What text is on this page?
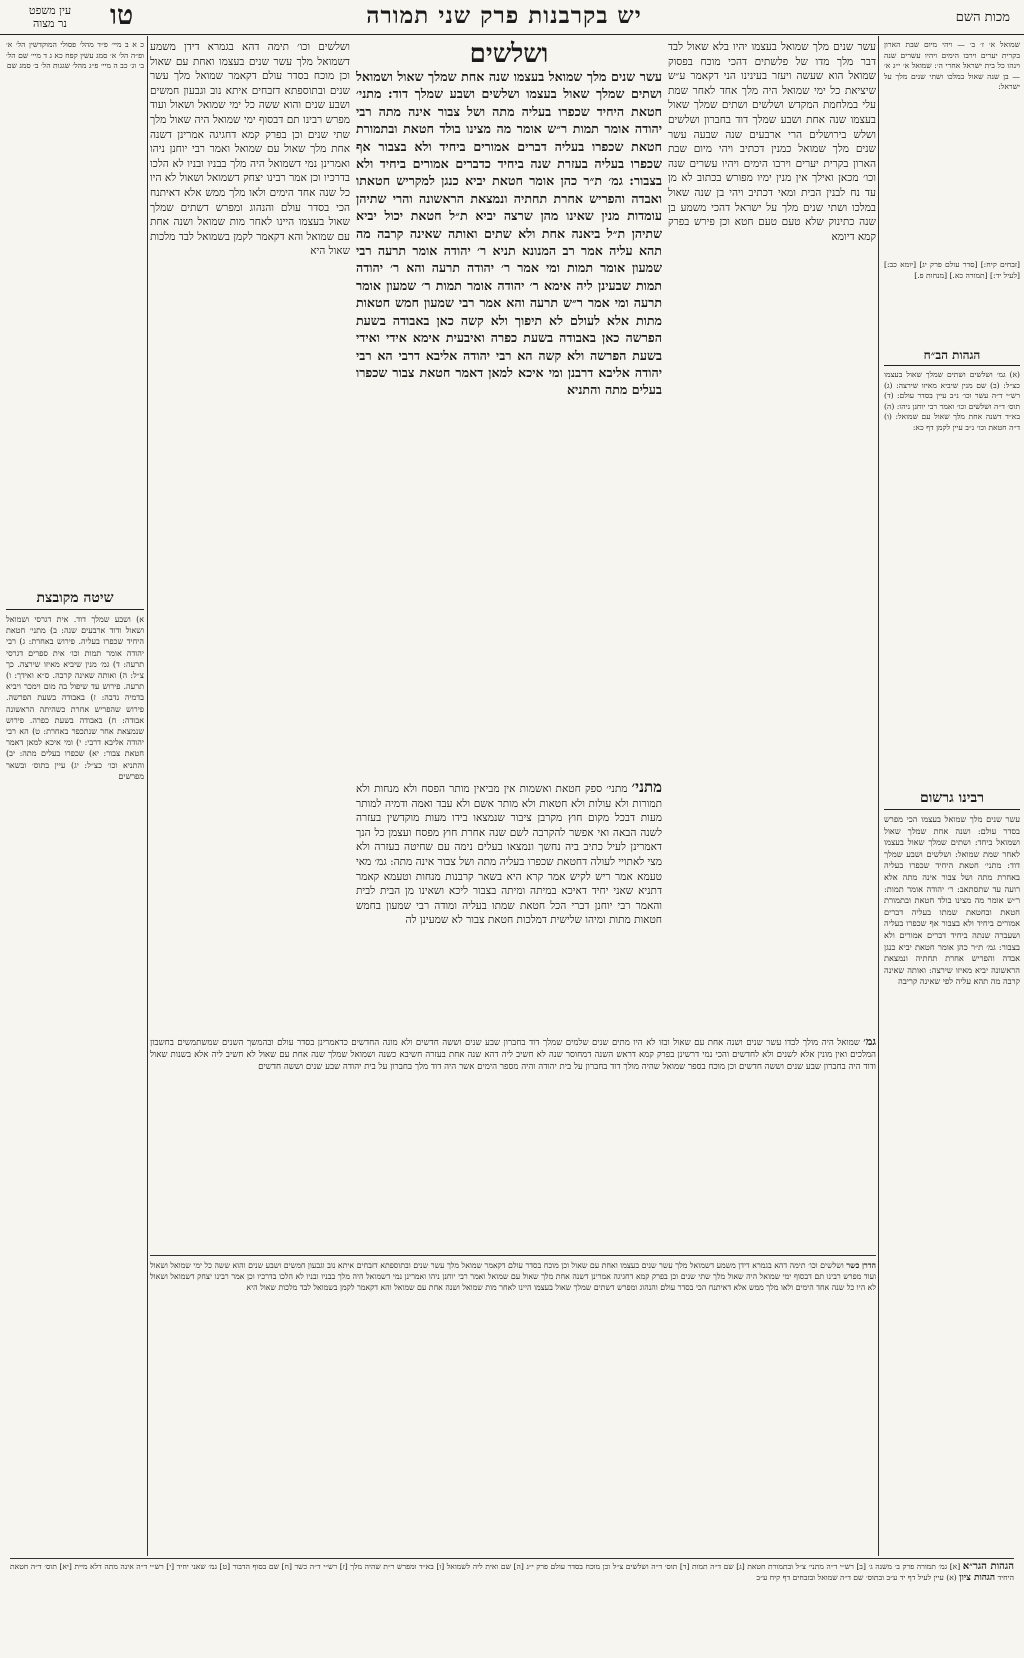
מכות השם
יש בקרבנות פרק שני תמורה
טו
עין משפט
נר מצוה
שמואל א׳ ז׳ ב׳ — ויהי מיום שבת הארון בקרית יערים וירבו הימים ויהיו עשרים שנה וינהו כל בית ישראל אחרי ה׳: שמואל א׳ י״ג א׳ — בן שנה שאול במלכו ושתי שנים מלך על ישראל:
[זבחים קיח:] [סדר עולם פרק יג] [יומא כב:] [לעיל יד:] [תמורה כא.] [מנחות פ.]
הגהות הב״ח
(א) גמ׳ ושלשים ושתים שמלך שאול בעצמו כצ״ל: (ב) שם מנין שיביא מאיזו שירצה: (ג) רש״י ד״ה עשר וכו׳ נ״ב עיין בסדר עולם: (ד) תוס׳ ד״ה ושלשים וכו׳ ואמר רבי יוחנן ניהו: (ה) בא״ד דשנה אחת מלך שאול עם שמואל: (ו) ד״ה חטאת וכו׳ נ״ב עיין לקמן דף כא:
רבינו גרשום
עשר שנים מלך שמואל בעצמו הכי מפרש בסדר עולם: ושנה אחת שמלך שאול ושמואל ביחד: ושתים שמלך שאול בעצמו לאחר שמת שמואל: ושלשים ושבע שמלך דוד: מתני׳ חטאת היחיד שכפרו בעליה באחרת מתה ושל צבור אינה מתה אלא רועה עד שתסתאב: ר׳ יהודה אומר תמות: ר״ש אומר מה מצינו בולד חטאת ובתמורת חטאת ובחטאת שמתו בעליה דברים אמורים ביחיד ולא בצבור אף שכפרו בעליה ושעברה שנתה ביחיד דברים אמורים ולא בצבור: גמ׳ ת״ר כהן אומר חטאת יביא כנגן אבדה והפריש אחרת תחתיה ונמצאת הראשונה יביא מאיזו שירצה: ואותה שאינה קרבה מה תהא עליה לפי שאינה קריבה
כ א ב מיי׳ פ״ד מהל׳ פסולי המוקדשין הל׳ א׳ ופ״ה הל׳ א׳ סמג עשין קפח כא ג ד מיי׳ שם הל׳ ב׳ וג׳ כב ה מיי׳ פ״ג מהל׳ שגגות הל׳ ב׳ סמג שם
שיטה מקובצת
א) ושבע שמלך דוד. אית דגרסי ושמואל ושאול ודוד ארבעים שנה: ב) מתני׳ חטאת היחיד שכפרו בעליה. פירוש באחרת: ג) רבי יהודה אומר תמות וכו׳ אית ספרים דגרסי תרעה: ד) גמ׳ מנין שיביא מאיזו שירצה. כך צ״ל: ה) ואותה שאינה קרבה. ס״א ואידך: ו) תרעה. פירוש עד שיפול בה מום וימכר ויביא בדמיה נדבה: ז) באבודה בשעת הפרשה. פירוש שהפריש אחרת כשהיתה הראשונה אבודה: ח) באבודה בשעת כפרה. פירוש שנמצאת אחר שנתכפר באחרת: ט) הא רבי יהודה אליבא דרבי: י) ומי איכא למאן דאמר חטאת צבור: יא) שכפרו בעלים מתה: יב) והתניא וכו׳ כצ״ל: יג) עיין בתוס׳ ובשאר מפרשים
עשר שנים מלך שמואל בעצמו יהיו בלא שאול לבד דבר מלך מדו של פלשתים דהכי מוכח בפסוק שמואל הוא שעשה ויעזר בעינינו הני דקאמר ע״ש שיציאת כל ימי שמואל היה מלך אחד לאחר שמת עלי במלחמת המקדש ושלשים ושתים שמלך שאול בעצמו שנה אחת ושבע שמלך דוד בחברון ושלשים ושלש בירושלים הרי ארבעים שנה שבעה עשר שנים מלך שמואל כמנין דכתיב ויהי מיום שבת הארון בקרית יערים וירבו הימים ויהיו עשרים שנה וכו׳ מכאן ואילך אין מנין ימיו מפורש בכתוב לא מן עד נח לבנין הבית ומאי דכתיב ויהי בן שנה שאול במלכו ושתי שנים מלך על ישראל דהכי משמע בן שנה כתינוק שלא טעם טעם חטא וכן פירש בפרק קמא דיומא
ושלשים וכו׳ תימה דהא בגמרא דידן משמע דשמואל מלך עשר שנים בעצמו ואחת עם שאול וכן מוכח בסדר עולם דקאמר שמואל מלך עשר שנים ובתוספתא דזבחים איתא נוב וגבעון חמשים ושבע שנים והוא ששה כל ימי שמואל ושאול ועוד מפרש רבינו תם דבסוף ימי שמואל היה שאול מלך שתי שנים וכן בפרק קמא דחגיגה אמרינן דשנה אחת מלך שאול עם שמואל ואמר רבי יוחנן ניהו ואמרינן נמי דשמואל היה מלך בבניו ובניו לא הלכו בדרכיו וכן אמר רבינו יצחק דשמואל ושאול לא היו כל שנה אחד הימים ולאו מלך ממש אלא דאיתנח הכי בסדר עולם והנהוג ומפרש דשתים שמלך שאול בעצמו היינו לאחר מות שמואל ושנה אחת עם שמואל והא דקאמר לקמן בשמואל לבד מלכות שאול היא
ושלשים
עשר שנים מלך שמואל בעצמו שנה אחת שמלך שאול ושמואל ושתים שמלך שאול בעצמו ושלשים ושבע שמלך דוד: מתני׳ חטאת היחיד שכפרו בעליה מתה ושל צבור אינה מתה רבי יהודה אומר תמות ר״ש אומר מה מצינו בולד חטאת ובתמורת חטאת שכפרו בעליה דברים אמורים ביחיד ולא בצבור אף שכפרו בעליה בעזרת שנה ביחיד כדברים אמורים ביחיד ולא בצבור: גמ׳ ת״ר כהן אומר חטאת יביא כנגן למקריש חטאתו ואבדה והפריש אחרת תחתיה ונמצאת הראשונה והרי שתיהן עומדות מנין שאינו מהן שרצה יביא ת״ל חטאת יכול יביא שתיהן ת״ל ביאנה אחת ולא שתים ואותה שאינה קרבה מה תהא עליה אמר רב המנונא תניא ר׳ יהודה אומר תרעה רבי שמעון אומר תמות ומי אמר ר׳ יהודה תרעה והא ר׳ יהודה תמות שבעינן ליה אימא ר׳ יהודה אומר תמות ר׳ שמעון אומר תרעה ומי אמר ר״ש תרעה והא אמר רבי שמעון חמש חטאות מתות אלא לעולם לא תיפוך ולא קשה כאן באבודה בשעת הפרשה כאן באבודה בשעת כפרה ואיבעית אימא אידי ואידי בשעת הפרשה ולא קשה הא רבי יהודה אליבא דרבי הא רבי יהודה אליבא דרבנן ומי איכא למאן דאמר חטאת צבור שכפרו בעלים מתה והתניא
מתני׳ מתני׳ ספק חטאת ואשמות אין מביאין מותר הפסח ולא מנחות ולא תמורות ולא עולות ולא חטאות ולא מותר אשם ולא עבד ואמה ודמיה למותר מעות דבכל מקום חוץ מקרבן ציבור שנמצאו בידו מעות מוקדשין בעזרה לשנה הבאה ואי אפשר להקרבה לשם שנה אחרת חוץ מפסח ועצמן כל הנך דאמרינן לעיל כתיב ביה נחשך ונמצאו בעלים נימה עם שחיטה בעזרה ולא מצי לאתויי לעולה דחטאת שכפרו בעליה מתה ושל צבור אינה מתה: גמ׳ מאי טעמא אמר ריש לקיש אמר קרא היא בשאר קרבנות מנחות וטעמא קאמר דתניא שאני יחיד דאיכא במיתה ומיתה בצבור ליכא ושאינו מן הבית לבית והאמר רבי יוחנן דברי הכל חטאת שמתו בעליה ומודה רבי שמעון בחמש חטאות מתות ומיהו שלישית דמלכות חטאת צבור לא שמעינן לה
גמ׳ שמואל היה מולך לבדו עשר שנים ושנה אחת עם שאול ובזו לא היו מתים שנים שלמים שמלך דוד בחברון שבע שנים וששה חדשים ולא מונה החדשים כדאמרינן בסדר עולם ובהמשך השנים שמשתמשים בחשבון המלכים ואין מונין אלא לשנים ולא לחדשים והכי נמי דרשינן בפרק קמא דראש השנה דמחוסר שנה לא חשיב ליה דהא שנה אחת בעזרה חשיבא כשנה ושמואל שמלך שנה אחת עם שאול לא חשיב ליה אלא בשנות שאול ודוד היה בחברון שבע שנים וששה חדשים וכן מוכח בספר שמואל שהיה מולך דוד בחברון על בית יהודה והיה מספר הימים אשר היה דוד מלך בחברון על בית יהודה שבע שנים וששה חדשים
הדרן כשר ושלשים וכו׳ תימה דהא בגמרא דידן משמע דשמואל מלך עשר שנים בעצמו ואחת עם שאול וכן מוכח בסדר עולם דקאמר שמואל מלך עשר שנים ובתוספתא דזבחים איתא נוב וגבעון חמשים ושבע שנים והוא ששה כל ימי שמואל ושאול ועוד מפרש רבינו תם דבסוף ימי שמואל היה שאול מלך שתי שנים וכן בפרק קמא דחגיגה אמרינן דשנה אחת מלך שאול עם שמואל ואמר רבי יוחנן ניהו ואמרינן נמי דשמואל היה מלך בבניו ובניו לא הלכו בדרכיו וכן אמר רבינו יצחק דשמואל ושאול לא היו כל שנה אחד הימים ולאו מלך ממש אלא דאיתנח הכי בסדר עולם והנהוג ומפרש דשתים שמלך שאול בעצמו היינו לאחר מות שמואל ושנה אחת עם שמואל והא דקאמר לקמן בשמואל לבד מלכות שאול היא
הגהות הגר״א [א] גמ׳ תמורה פרק ב׳ משנה ג׳ [ב] רש״י ד״ה מתני׳ צ״ל ובתמורת חטאת [ג] שם ד״ה תמות [ד] תוס׳ ד״ה ושלשים צ״ל וכן מוכח בסדר עולם פרק י״ג [ה] שם ואית ליה לשמואל [ו] בא״ד ומפרש ר״ת שהיה מלך [ז] רש״י ד״ה כשר [ח] שם בסוף הדבור [ט] גמ׳ שאני יחיד [י] רש״י ד״ה אינה מתה דלא מיית [יא] תוס׳ ד״ה חטאת היחיד הגהות ציון (א) עיין לעיל דף יד ע״ב ובתוס׳ שם ד״ה שמואל ובזבחים דף קיח ע״ב
